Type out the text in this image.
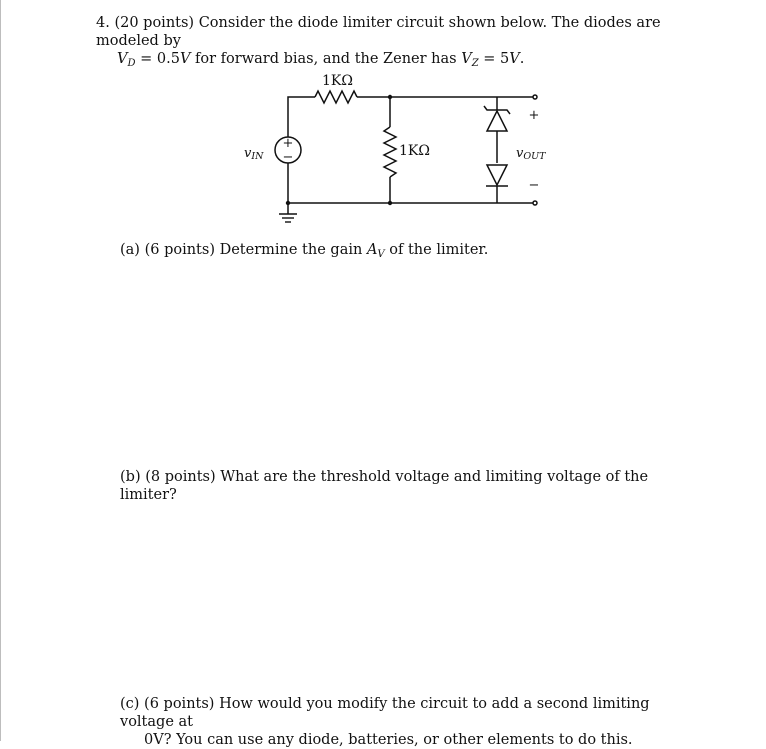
4. (20 points) Consider the diode limiter circuit shown below. The diodes are modeled by
$V_D = 0.5V$ for forward bias, and the Zener has $V_Z = 5V$.
+
−
1KΩ
1KΩ
vIN	vOUT
+
−
(a) (6 points) Determine the gain $A_V$ of the limiter.
(b) (8 points) What are the threshold voltage and limiting voltage of the limiter?
(c) (6 points) How would you modify the circuit to add a second limiting voltage at
0V? You can use any diode, batteries, or other elements to do this.
